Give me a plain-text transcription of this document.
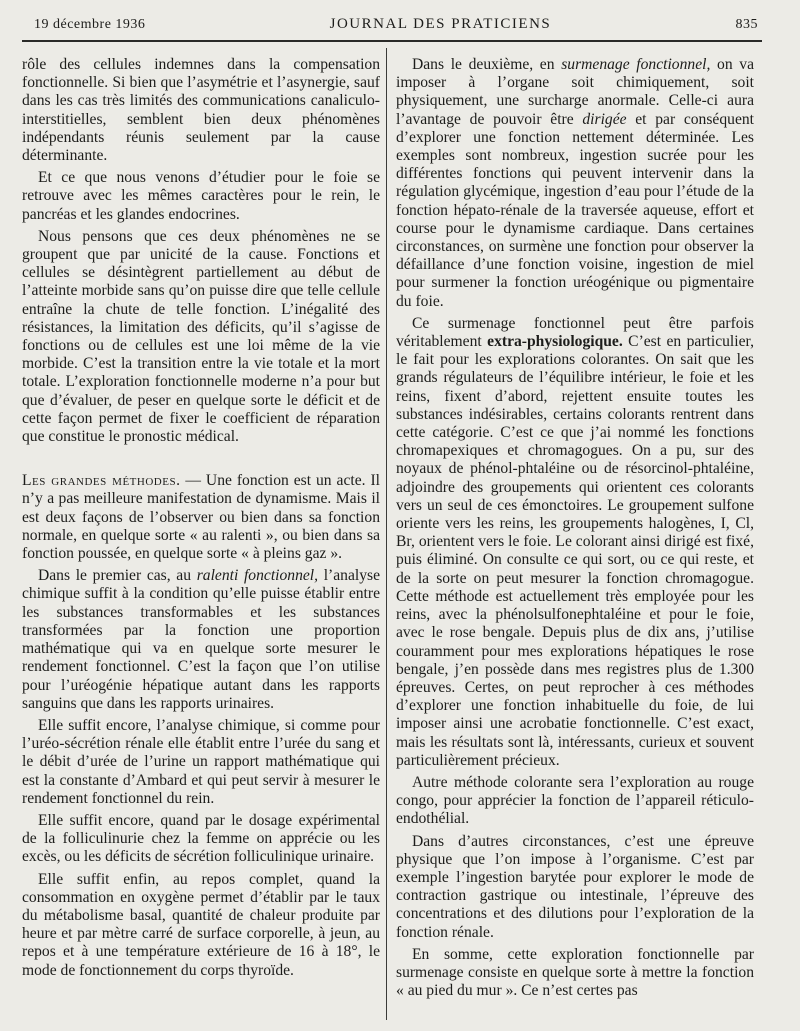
19 décembre 1936	JOURNAL DES PRATICIENS	835

rôle des cellules indemnes dans la compensation fonctionnelle. Si bien que l’asymétrie et l’asynergie, sauf dans les cas très limités des communications canaliculo-interstitielles, semblent bien deux phénomènes indépendants réunis seulement par la cause déterminante.

Et ce que nous venons d’étudier pour le foie se retrouve avec les mêmes caractères pour le rein, le pancréas et les glandes endocrines.

Nous pensons que ces deux phénomènes ne se groupent que par unicité de la cause. Fonctions et cellules se désintègrent partiellement au début de l’atteinte morbide sans qu’on puisse dire que telle cellule entraîne la chute de telle fonction. L’inégalité des résistances, la limitation des déficits, qu’il s’agisse de fonctions ou de cellules est une loi même de la vie morbide. C’est la transition entre la vie totale et la mort totale. L’exploration fonctionnelle moderne n’a pour but que d’évaluer, de peser en quelque sorte le déficit et de cette façon permet de fixer le coefficient de réparation que constitue le pronostic médical.

Les grandes méthodes. — Une fonction est un acte. Il n’y a pas meilleure manifestation de dynamisme. Mais il est deux façons de l’observer ou bien dans sa fonction normale, en quelque sorte « au ralenti », ou bien dans sa fonction poussée, en quelque sorte « à pleins gaz ».

Dans le premier cas, au ralenti fonctionnel, l’analyse chimique suffit à la condition qu’elle puisse établir entre les substances transformables et les substances transformées par la fonction une proportion mathématique qui va en quelque sorte mesurer le rendement fonctionnel. C’est la façon que l’on utilise pour l’uréogénie hépatique autant dans les rapports sanguins que dans les rapports urinaires.

Elle suffit encore, l’analyse chimique, si comme pour l’uréo-sécrétion rénale elle établit entre l’urée du sang et le débit d’urée de l’urine un rapport mathématique qui est la constante d’Ambard et qui peut servir à mesurer le rendement fonctionnel du rein.

Elle suffit encore, quand par le dosage expérimental de la folliculinurie chez la femme on apprécie ou les excès, ou les déficits de sécrétion folliculinique urinaire.

Elle suffit enfin, au repos complet, quand la consommation en oxygène permet d’établir par le taux du métabolisme basal, quantité de chaleur produite par heure et par mètre carré de surface corporelle, à jeun, au repos et à une température extérieure de 16 à 18°, le mode de fonctionnement du corps thyroïde.

Dans le deuxième, en surmenage fonctionnel, on va imposer à l’organe soit chimiquement, soit physiquement, une surcharge anormale. Celle-ci aura l’avantage de pouvoir être dirigée et par conséquent d’explorer une fonction nettement déterminée. Les exemples sont nombreux, ingestion sucrée pour les différentes fonctions qui peuvent intervenir dans la régulation glycémique, ingestion d’eau pour l’étude de la fonction hépato-rénale de la traversée aqueuse, effort et course pour le dynamisme cardiaque. Dans certaines circonstances, on surmène une fonction pour observer la défaillance d’une fonction voisine, ingestion de miel pour surmener la fonction uréogénique ou pigmentaire du foie.

Ce surmenage fonctionnel peut être parfois véritablement extra-physiologique. C’est en particulier, le fait pour les explorations colorantes. On sait que les grands régulateurs de l’équilibre intérieur, le foie et les reins, fixent d’abord, rejettent ensuite toutes les substances indésirables, certains colorants rentrent dans cette catégorie. C’est ce que j’ai nommé les fonctions chromapexiques et chromagogues. On a pu, sur des noyaux de phénol-phtaléine ou de résorcinol-phtaléine, adjoindre des groupements qui orientent ces colorants vers un seul de ces émonctoires. Le groupement sulfone oriente vers les reins, les groupements halogènes, I, Cl, Br, orientent vers le foie. Le colorant ainsi dirigé est fixé, puis éliminé. On consulte ce qui sort, ou ce qui reste, et de la sorte on peut mesurer la fonction chromagogue. Cette méthode est actuellement très employée pour les reins, avec la phénolsulfonephtaléine et pour le foie, avec le rose bengale. Depuis plus de dix ans, j’utilise couramment pour mes explorations hépatiques le rose bengale, j’en possède dans mes registres plus de 1.300 épreuves. Certes, on peut reprocher à ces méthodes d’explorer une fonction inhabituelle du foie, de lui imposer ainsi une acrobatie fonctionnelle. C’est exact, mais les résultats sont là, intéressants, curieux et souvent particulièrement précieux.

Autre méthode colorante sera l’exploration au rouge congo, pour apprécier la fonction de l’appareil réticulo-endothélial.

Dans d’autres circonstances, c’est une épreuve physique que l’on impose à l’organisme. C’est par exemple l’ingestion barytée pour explorer le mode de contraction gastrique ou intestinale, l’épreuve des concentrations et des dilutions pour l’exploration de la fonction rénale.

En somme, cette exploration fonctionnelle par surmenage consiste en quelque sorte à mettre la fonction « au pied du mur ». Ce n’est certes pas
